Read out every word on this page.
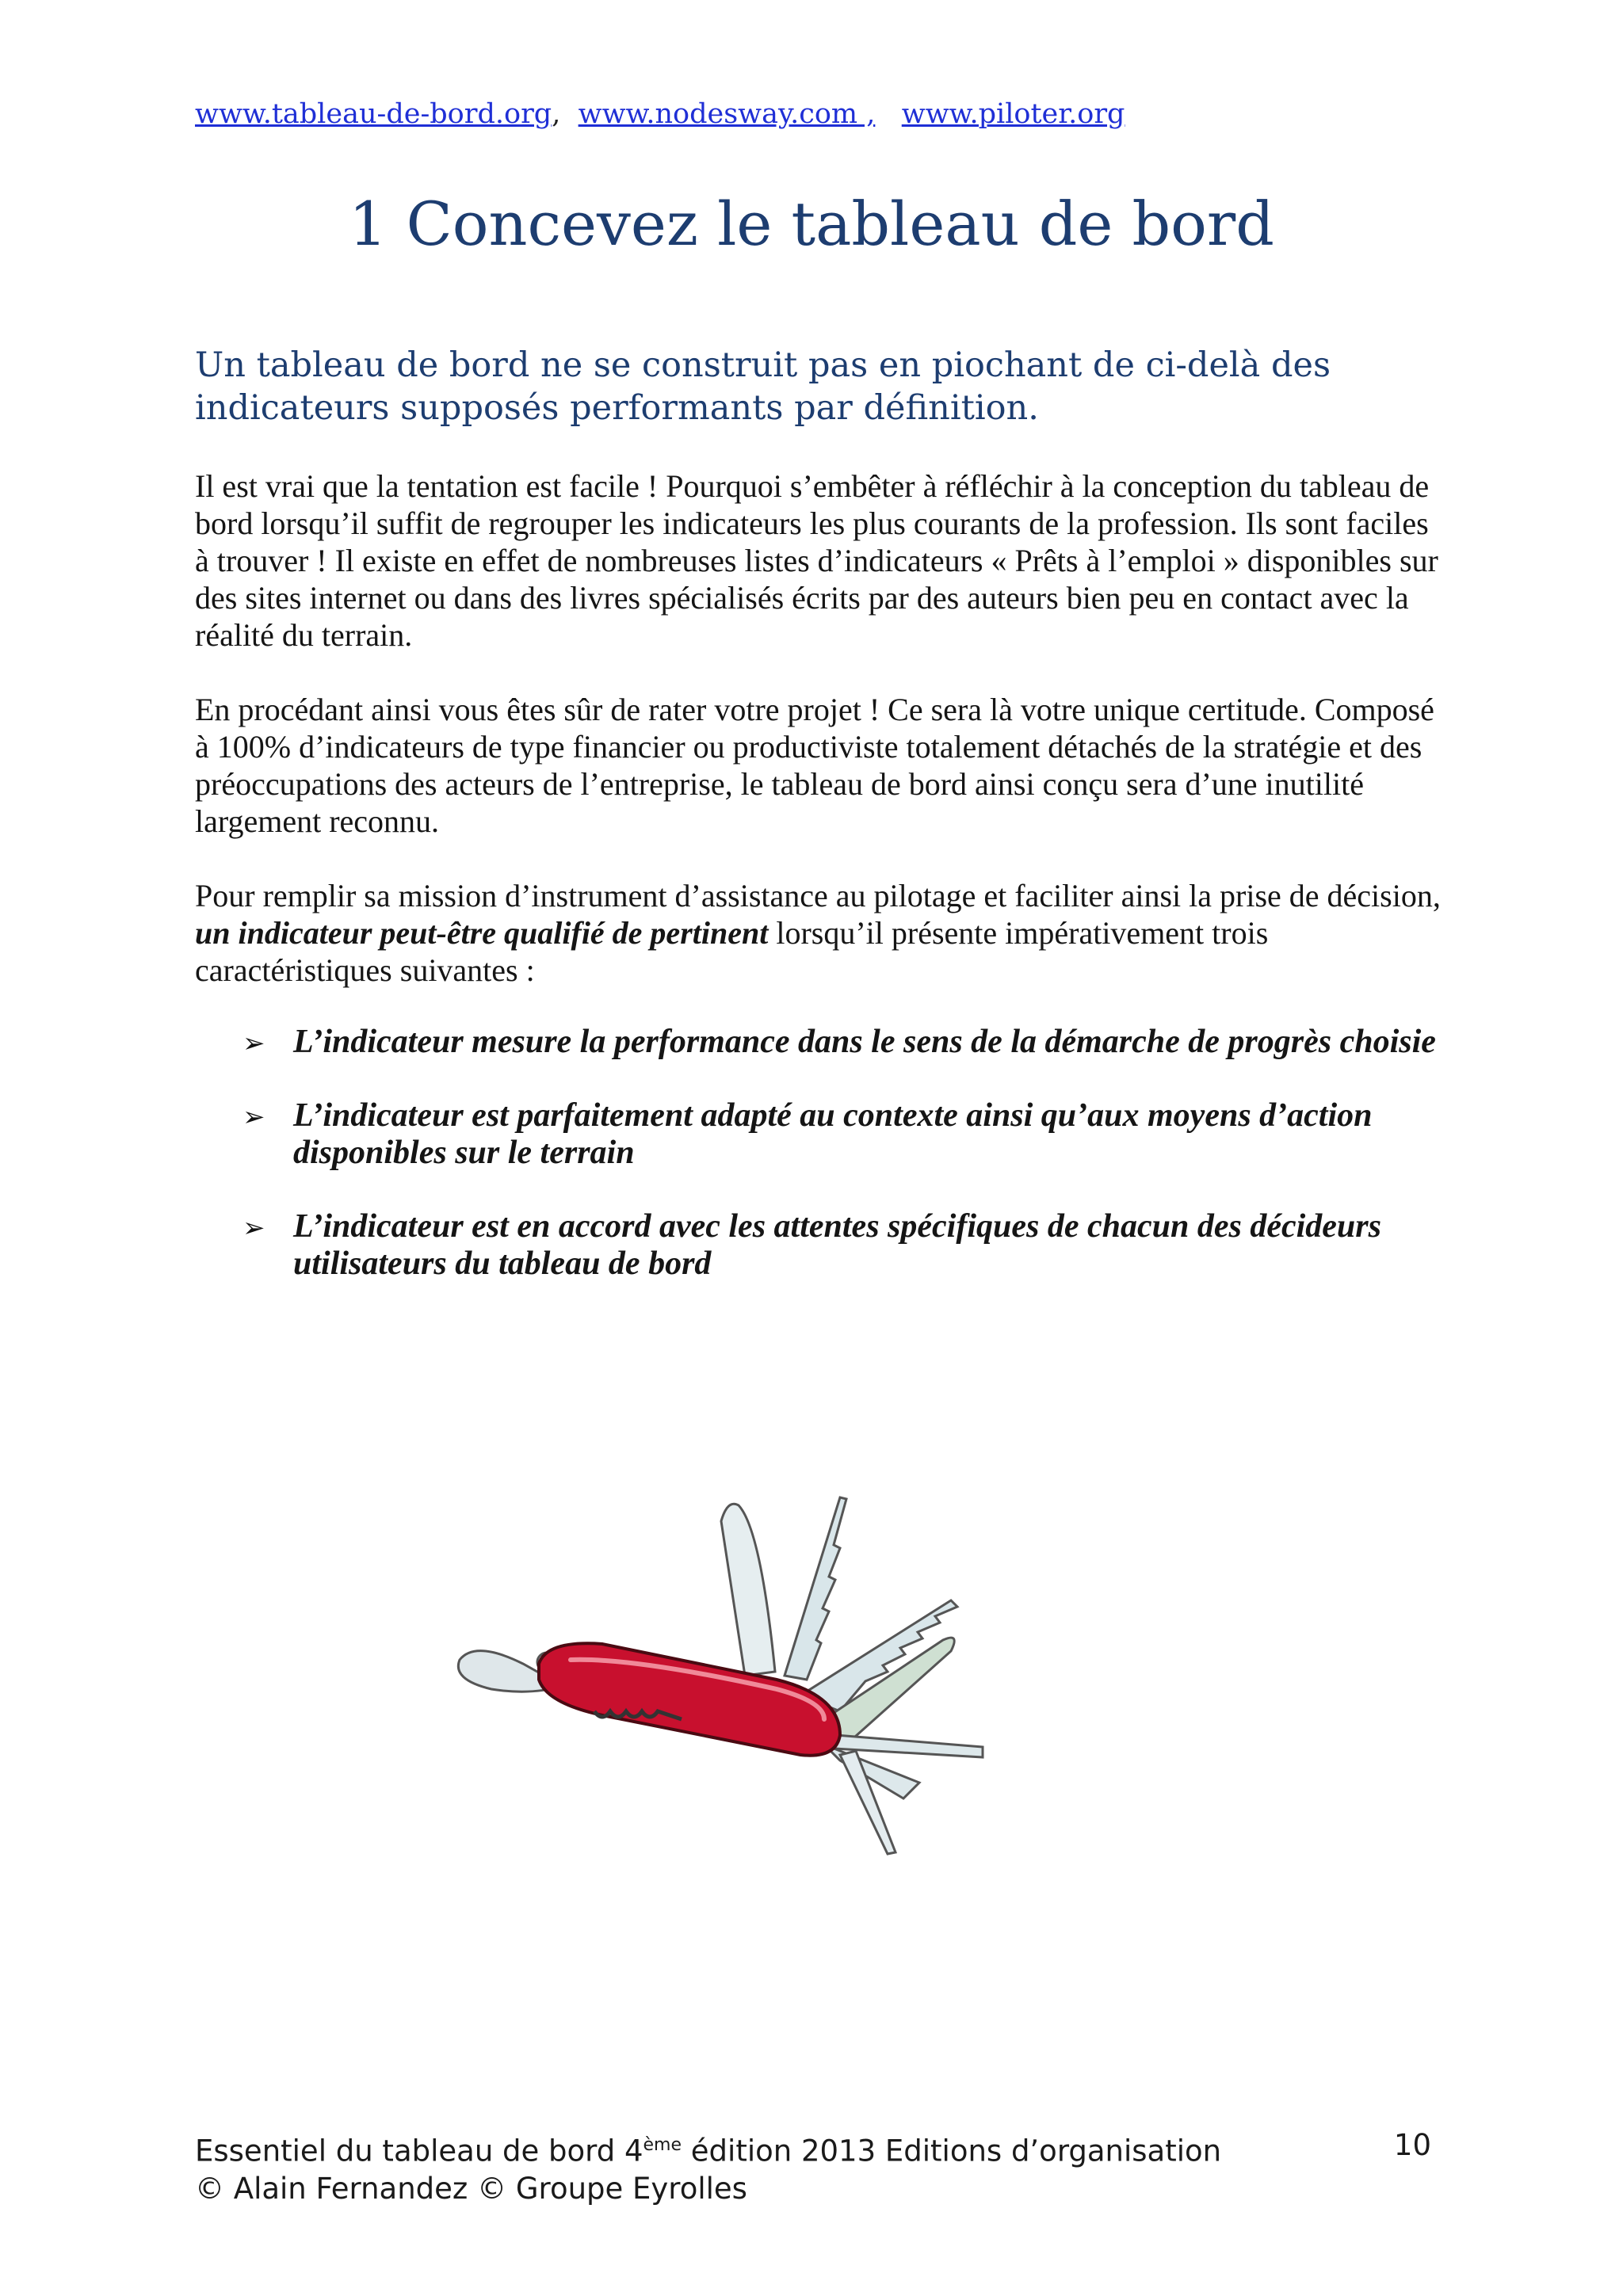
www.tableau-de-bord.org, www.nodesway.com , www.piloter.org
1 Concevez le tableau de bord

Un tableau de bord ne se construit pas en piochant de ci-delà des indicateurs supposés performants par définition.

Il est vrai que la tentation est facile ! Pourquoi s’embêter à réfléchir à la conception du tableau de bord lorsqu’il suffit de regrouper les indicateurs les plus courants de la profession. Ils sont faciles à trouver ! Il existe en effet de nombreuses listes d’indicateurs « Prêts à l’emploi » disponibles sur des sites internet ou dans des livres spécialisés écrits par des auteurs bien peu en contact avec la réalité du terrain.

En procédant ainsi vous êtes sûr de rater votre projet ! Ce sera là votre unique certitude. Composé à 100% d’indicateurs de type financier ou productiviste totalement détachés de la stratégie et des préoccupations des acteurs de l’entreprise, le tableau de bord ainsi conçu sera d’une inutilité largement reconnu.

Pour remplir sa mission d’instrument d’assistance au pilotage et faciliter ainsi la prise de décision, un indicateur peut-être qualifié de pertinent lorsqu’il présente impérativement trois caractéristiques suivantes :

➢ L’indicateur mesure la performance dans le sens de la démarche de progrès choisie
➢ L’indicateur est parfaitement adapté au contexte ainsi qu’aux moyens d’action disponibles sur le terrain
➢ L’indicateur est en accord avec les attentes spécifiques de chacun des décideurs utilisateurs du tableau de bord
Essentiel du tableau de bord 4ème édition 2013 Editions d’organisation
© Alain Fernandez © Groupe Eyrolles
10
